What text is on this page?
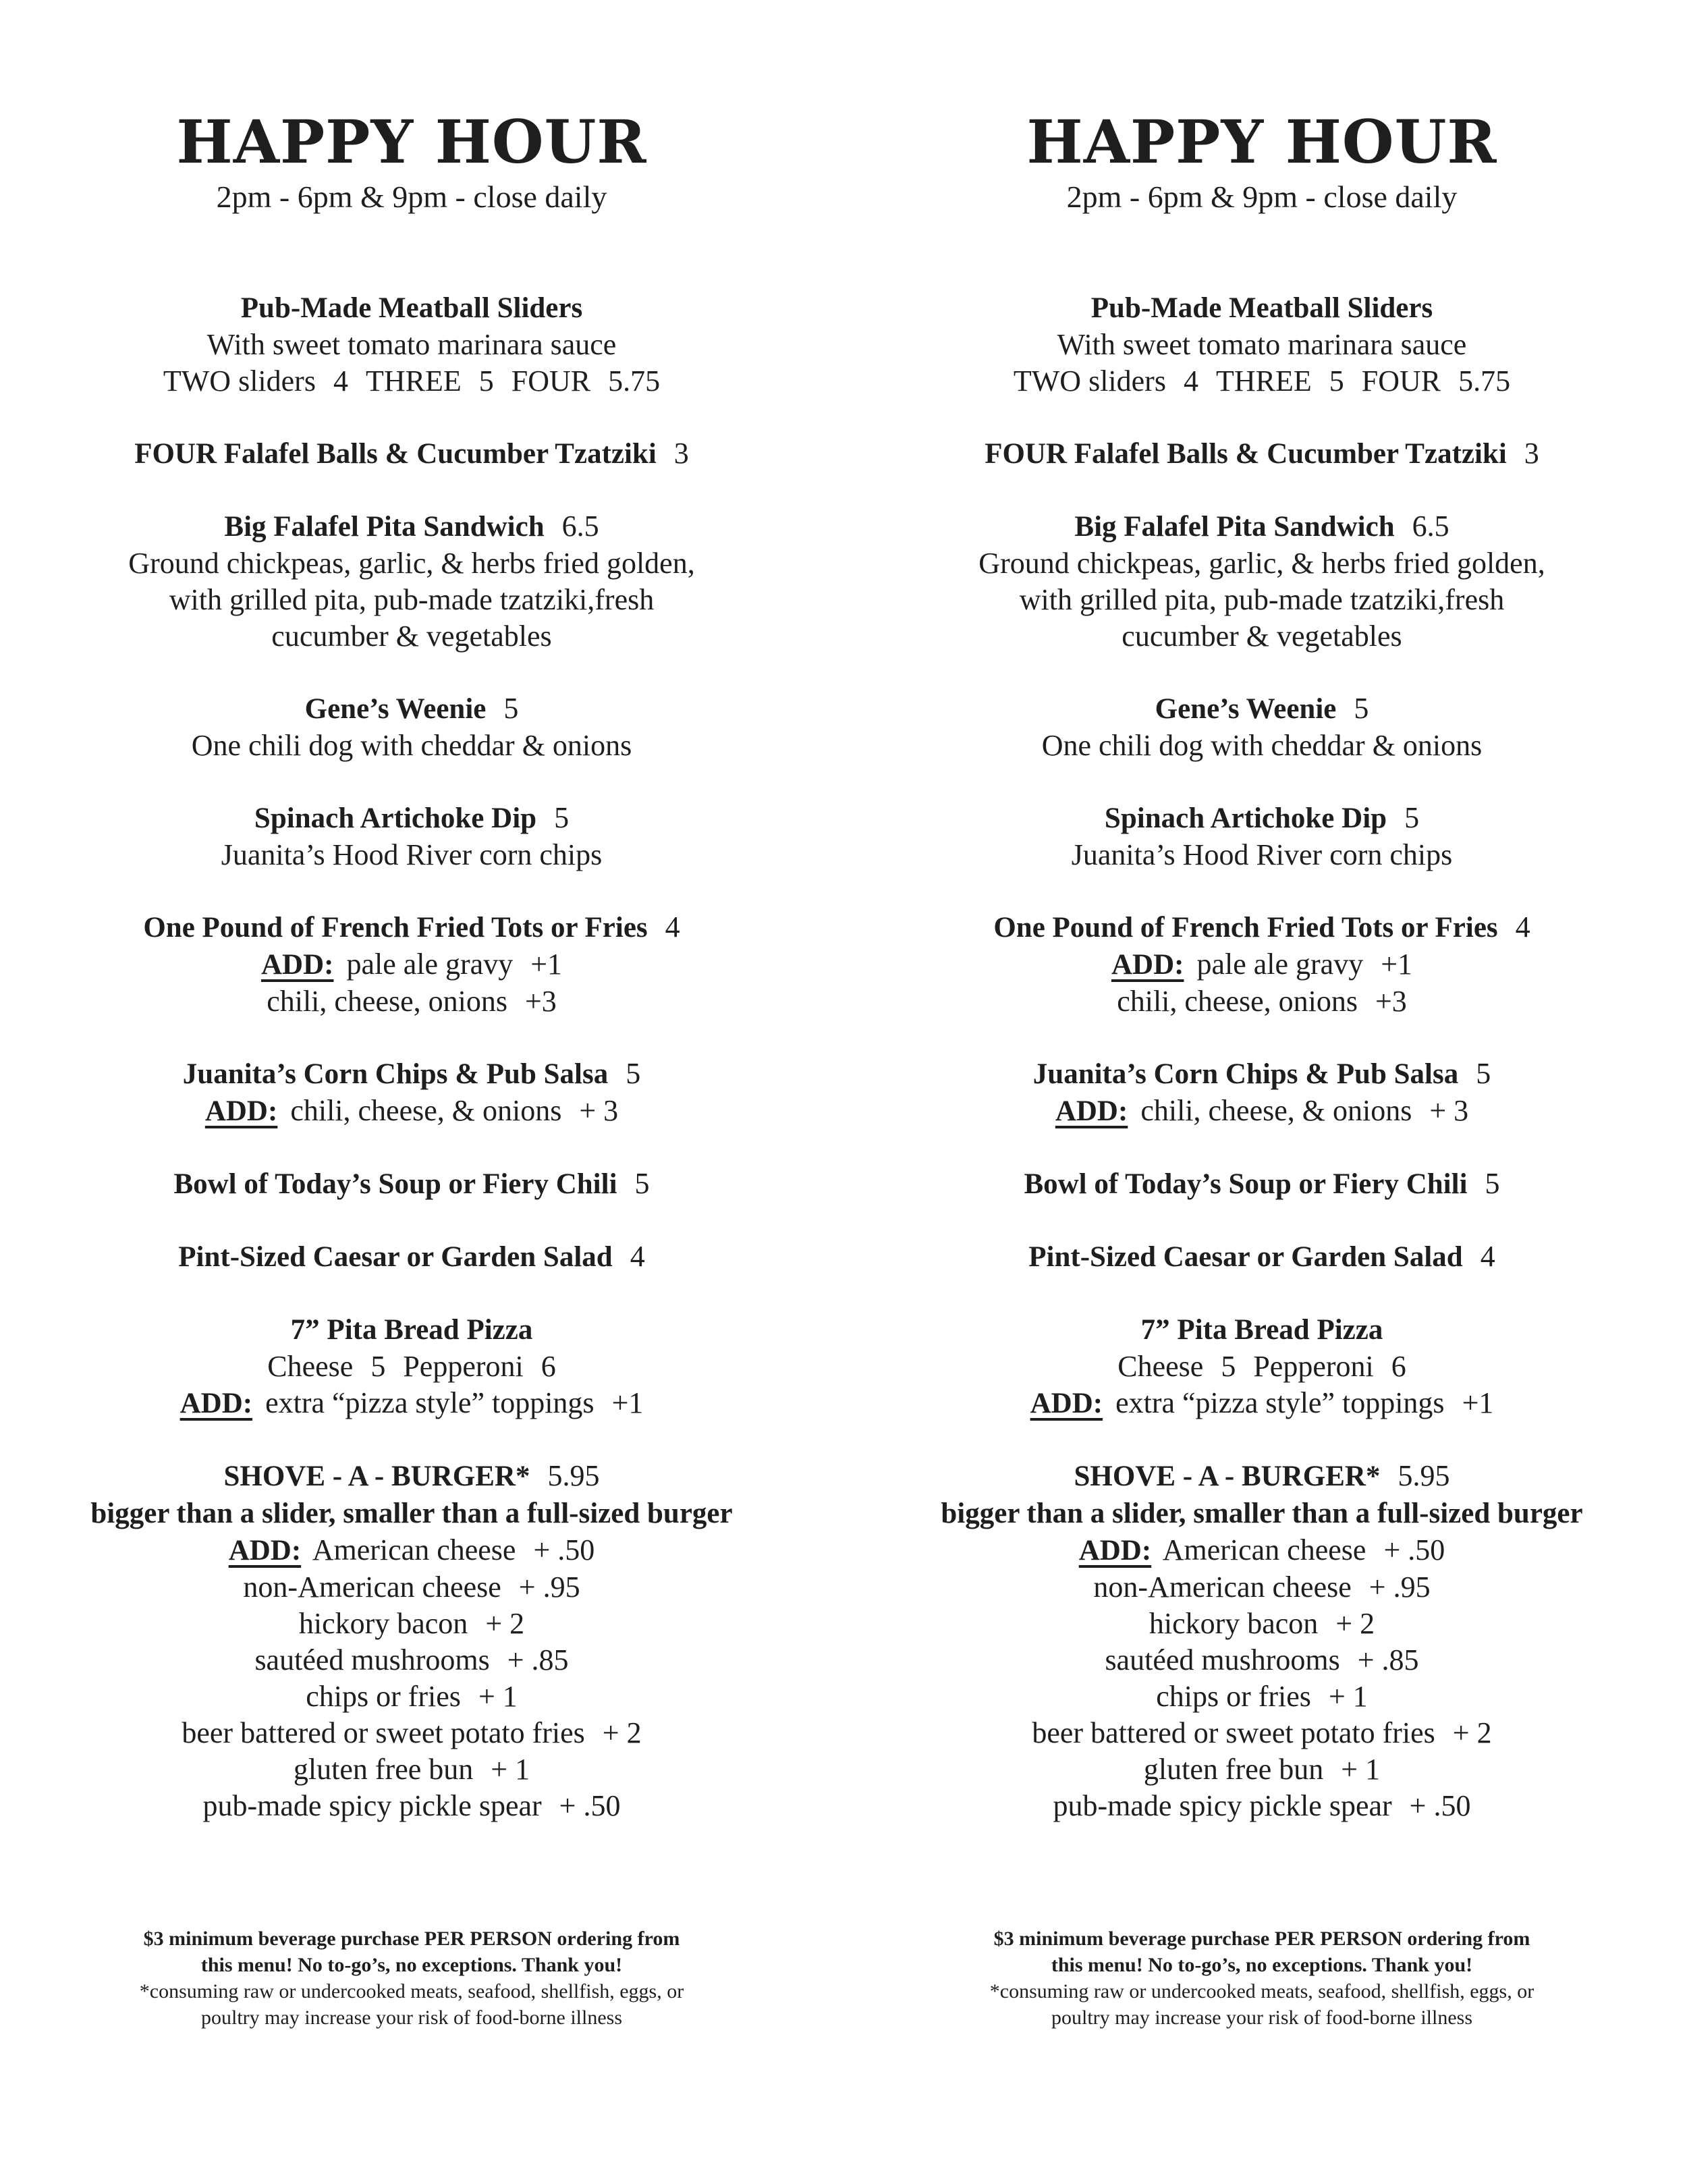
HAPPY HOUR
2pm - 6pm & 9pm - close daily
Pub-Made Meatball Sliders
With sweet tomato marinara sauce
TWO sliders 4 THREE 5 FOUR 5.75
FOUR Falafel Balls & Cucumber Tzatziki 3
Big Falafel Pita Sandwich 6.5
Ground chickpeas, garlic, & herbs fried golden,
with grilled pita, pub-made tzatziki,fresh
cucumber & vegetables
Gene’s Weenie 5
One chili dog with cheddar & onions
Spinach Artichoke Dip 5
Juanita’s Hood River corn chips
One Pound of French Fried Tots or Fries 4
ADD: pale ale gravy +1
chili, cheese, onions +3
Juanita’s Corn Chips & Pub Salsa 5
ADD: chili, cheese, & onions + 3
Bowl of Today’s Soup or Fiery Chili 5
Pint-Sized Caesar or Garden Salad 4
7” Pita Bread Pizza
Cheese 5 Pepperoni 6
ADD: extra “pizza style” toppings +1
SHOVE - A - BURGER* 5.95
bigger than a slider, smaller than a full-sized burger
ADD: American cheese + .50
non-American cheese + .95
hickory bacon + 2
sautéed mushrooms + .85
chips or fries + 1
beer battered or sweet potato fries + 2
gluten free bun + 1
pub-made spicy pickle spear + .50
$3 minimum beverage purchase PER PERSON ordering from
this menu! No to-go’s, no exceptions. Thank you!
*consuming raw or undercooked meats, seafood, shellfish, eggs, or
poultry may increase your risk of food-borne illness
HAPPY HOUR
2pm - 6pm & 9pm - close daily
Pub-Made Meatball Sliders
With sweet tomato marinara sauce
TWO sliders 4 THREE 5 FOUR 5.75
FOUR Falafel Balls & Cucumber Tzatziki 3
Big Falafel Pita Sandwich 6.5
Ground chickpeas, garlic, & herbs fried golden,
with grilled pita, pub-made tzatziki,fresh
cucumber & vegetables
Gene’s Weenie 5
One chili dog with cheddar & onions
Spinach Artichoke Dip 5
Juanita’s Hood River corn chips
One Pound of French Fried Tots or Fries 4
ADD: pale ale gravy +1
chili, cheese, onions +3
Juanita’s Corn Chips & Pub Salsa 5
ADD: chili, cheese, & onions + 3
Bowl of Today’s Soup or Fiery Chili 5
Pint-Sized Caesar or Garden Salad 4
7” Pita Bread Pizza
Cheese 5 Pepperoni 6
ADD: extra “pizza style” toppings +1
SHOVE - A - BURGER* 5.95
bigger than a slider, smaller than a full-sized burger
ADD: American cheese + .50
non-American cheese + .95
hickory bacon + 2
sautéed mushrooms + .85
chips or fries + 1
beer battered or sweet potato fries + 2
gluten free bun + 1
pub-made spicy pickle spear + .50
$3 minimum beverage purchase PER PERSON ordering from
this menu! No to-go’s, no exceptions. Thank you!
*consuming raw or undercooked meats, seafood, shellfish, eggs, or
poultry may increase your risk of food-borne illness
sirved
